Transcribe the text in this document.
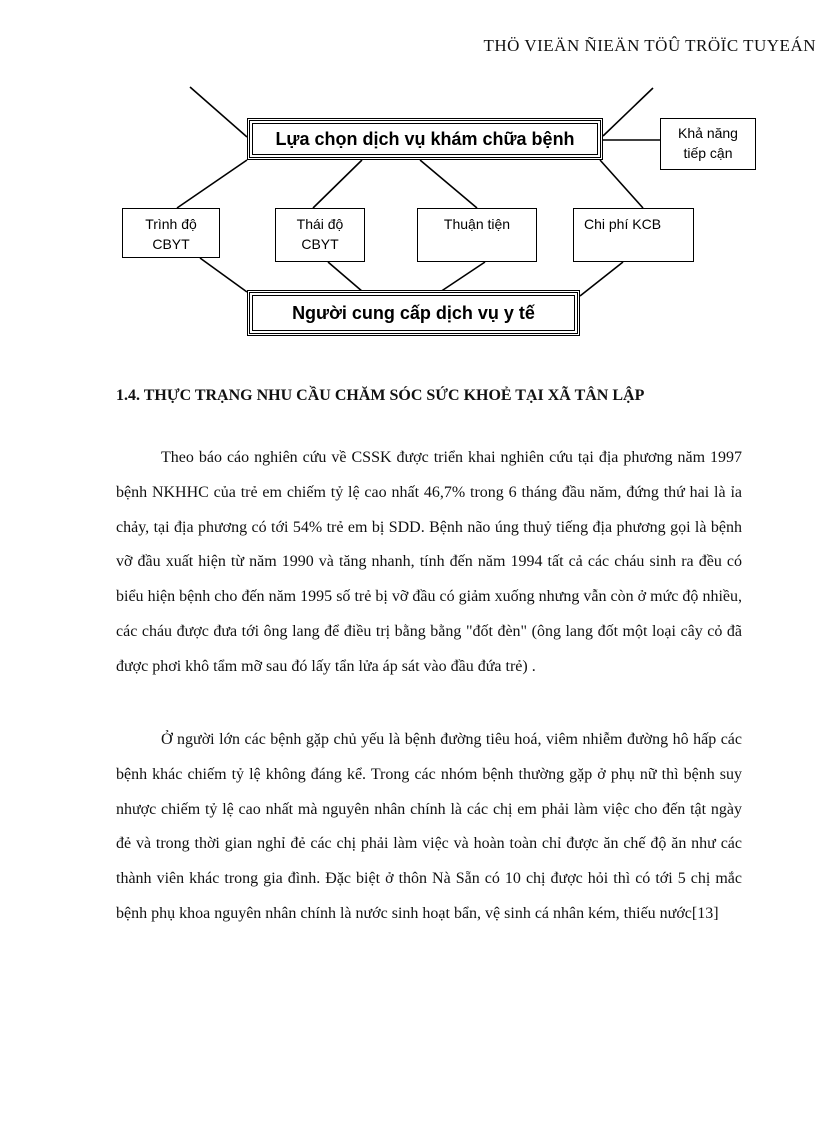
THÖ VIEÄN ÑIEÄN TÖÛ TRÖÏC TUYEÁN
Lựa chọn dịch vụ khám chữa bệnh	Khả năng
tiếp cận
Trình độ
CBYT
Thái độ
CBYT
Thuận tiện	Chi phí KCB
Người cung cấp dịch vụ y tế
1.4. THỰC TRẠNG NHU CẦU CHĂM SÓC SỨC KHOẺ TẠI XÃ TÂN LẬP

Theo báo cáo nghiên cứu về CSSK được triển khai nghiên cứu tại địa phương năm 1997 bệnh NKHHC của trẻ em chiếm tỷ lệ cao nhất 46,7% trong 6 tháng đầu năm, đứng thứ hai là ỉa chảy, tại địa phương có tới 54% trẻ em bị SDD. Bệnh não úng thuỷ tiếng địa phương gọi là bệnh vỡ đầu xuất hiện từ năm 1990 và tăng nhanh, tính đến năm 1994 tất cả các cháu sinh ra đều có biểu hiện bệnh cho đến năm 1995 số trẻ bị vỡ đầu có giảm xuống nhưng vẫn còn ở mức độ nhiều, các cháu được đưa tới ông lang để điều trị bằng bằng "đốt đèn" (ông lang đốt một loại cây cỏ đã được phơi khô tẩm mỡ sau đó lấy tẩn lửa áp sát vào đầu đứa trẻ) .

Ở người lớn các bệnh gặp chủ yếu là bệnh đường tiêu hoá, viêm nhiễm đường hô hấp các bệnh khác chiếm tỷ lệ không đáng kể. Trong các nhóm bệnh thường gặp ở phụ nữ thì bệnh suy nhược chiếm tỷ lệ cao nhất mà nguyên nhân chính là các chị em phải làm việc cho đến tật ngày đẻ và trong thời gian nghỉ đẻ các chị phải làm việc và hoàn toàn chỉ được ăn chế độ ăn như các thành viên khác trong gia đình. Đặc biệt ở thôn Nà Sẵn có 10 chị được hỏi thì có tới 5 chị mắc bệnh phụ khoa nguyên nhân chính là nước sinh hoạt bẩn, vệ sinh cá nhân kém, thiếu nước[13]
